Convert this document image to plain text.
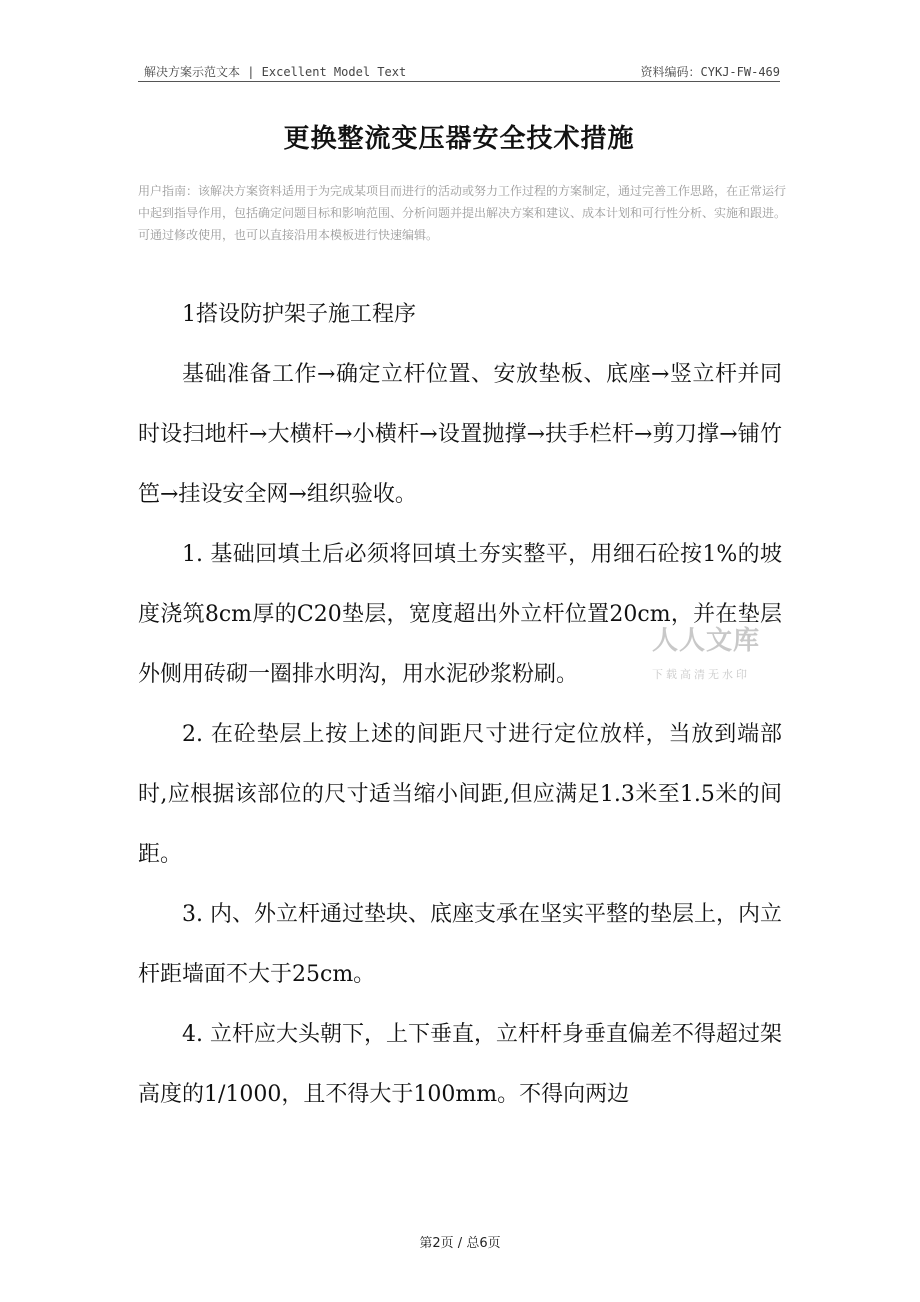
解决方案示范文本 | Excellent Model Text	资料编码：CYKJ-FW-469
更换整流变压器安全技术措施
用户指南：该解决方案资料适用于为完成某项目而进行的活动或努力工作过程的方案制定，通过完善工作思路，在正常运行中起到指导作用，包括确定问题目标和影响范围、分析问题并提出解决方案和建议、成本计划和可行性分析、实施和跟进。可通过修改使用，也可以直接沿用本模板进行快速编辑。

1搭设防护架子施工程序

基础准备工作→确定立杆位置、安放垫板、底座→竖立杆并同时设扫地杆→大横杆→小横杆→设置抛撑→扶手栏杆→剪刀撑→铺竹笆→挂设安全网→组织验收。

1. 基础回填土后必须将回填土夯实整平，用细石砼按1%的坡度浇筑8cm厚的C20垫层，宽度超出外立杆位置20cm，并在垫层外侧用砖砌一圈排水明沟，用水泥砂浆粉刷。

2. 在砼垫层上按上述的间距尺寸进行定位放样，当放到端部时,应根据该部位的尺寸适当缩小间距,但应满足1.3米至1.5米的间距。

3. 内、外立杆通过垫块、底座支承在坚实平整的垫层上，内立杆距墙面不大于25cm。

4. 立杆应大头朝下，上下垂直，立杆杆身垂直偏差不得超过架高度的1/1000，且不得大于100mm。不得向两边

人人文库
下载高清无水印
第2页 / 总6页
